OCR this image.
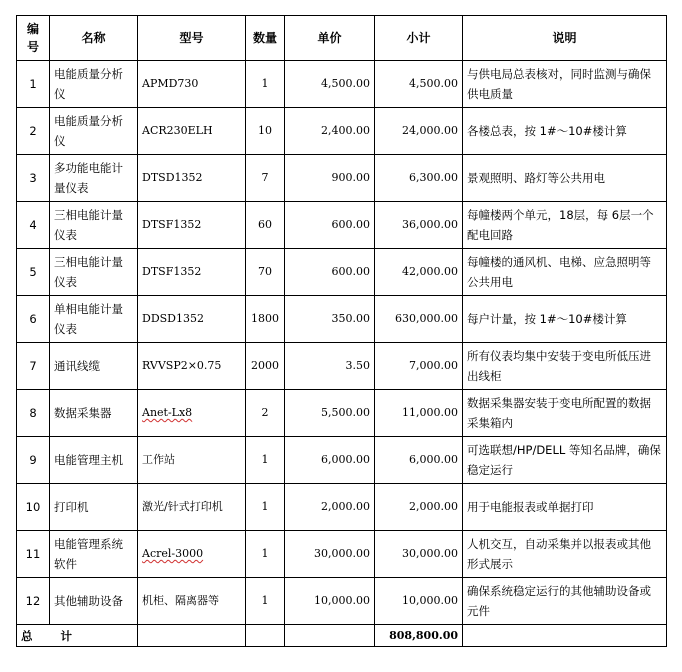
编号	名称	型号	数量	单价	小计	说明
1	电能质量分析仪	APMD730	1	4,500.00	4,500.00	与供电局总表核对，同时监测与确保供电质量
2	电能质量分析仪	ACR230ELH	10	2,400.00	24,000.00	各楼总表，按 1#～10#楼计算
3	多功能电能计量仪表	DTSD1352	7	900.00	6,300.00	景观照明、路灯等公共用电
4	三相电能计量仪表	DTSF1352	60	600.00	36,000.00	每幢楼两个单元，18层，每 6层一个配电回路
5	三相电能计量仪表	DTSF1352	70	600.00	42,000.00	每幢楼的通风机、电梯、应急照明等公共用电
6	单相电能计量仪表	DDSD1352	1800	350.00	630,000.00	每户计量，按 1#～10#楼计算
7	通讯线缆	RVVSP2×0.75	2000	3.50	7,000.00	所有仪表均集中安装于变电所低压进出线柜
8	数据采集器	Anet-Lx8	2	5,500.00	11,000.00	数据采集器安装于变电所配置的数据采集箱内
9	电能管理主机	工作站	1	6,000.00	6,000.00	可选联想/HP/DELL 等知名品牌，确保稳定运行
10	打印机	激光/针式打印机	1	2,000.00	2,000.00	用于电能报表或单据打印
11	电能管理系统软件	Acrel-3000	1	30,000.00	30,000.00	人机交互，自动采集并以报表或其他形式展示
12	其他辅助设备	机柜、隔离器等	1	10,000.00	10,000.00	确保系统稳定运行的其他辅助设备或元件
总 计					808,800.00	
